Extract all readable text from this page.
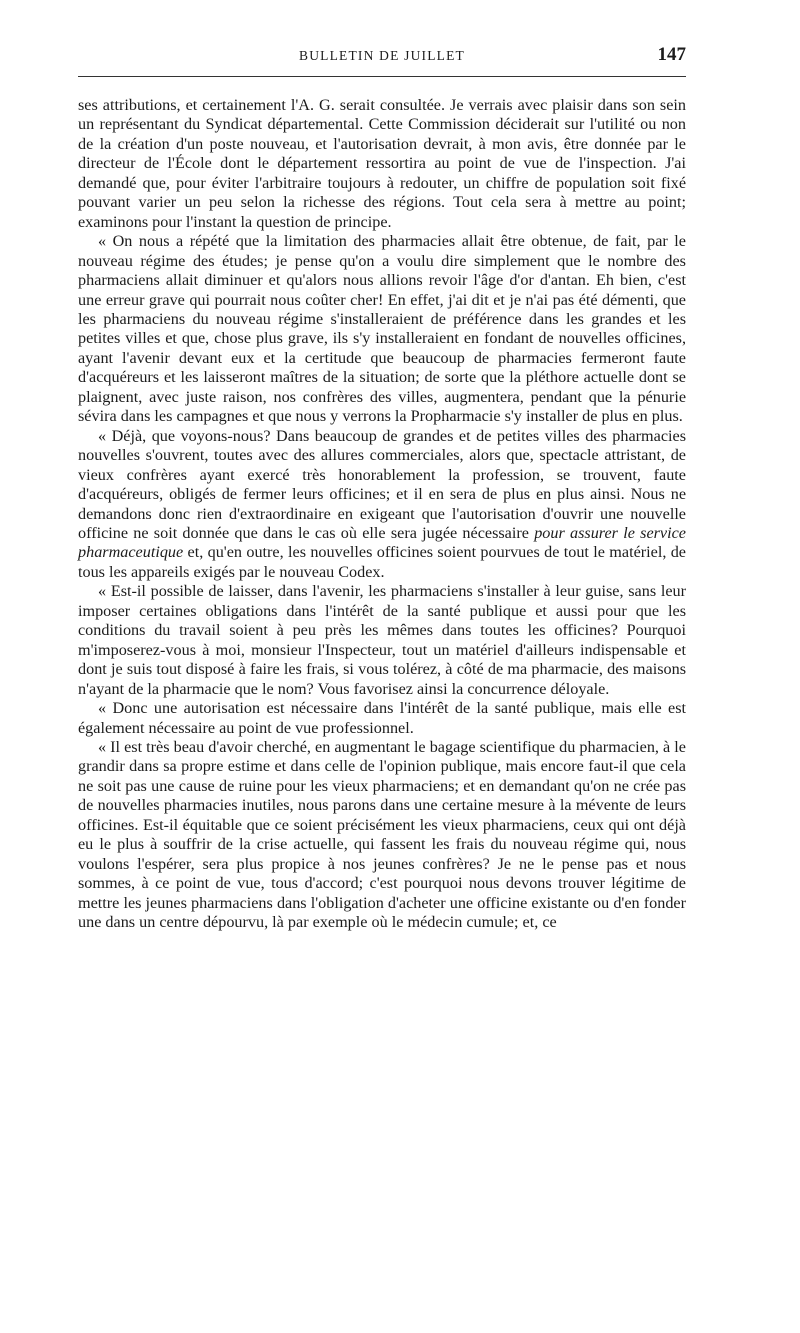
BULLETIN DE JUILLET	147

ses attributions, et certainement l'A. G. serait consultée. Je verrais avec plaisir dans son sein un représentant du Syndicat départemental. Cette Commission déciderait sur l'utilité ou non de la création d'un poste nouveau, et l'autorisation devrait, à mon avis, être donnée par le directeur de l'École dont le département ressortira au point de vue de l'inspection. J'ai demandé que, pour éviter l'arbitraire toujours à redouter, un chiffre de population soit fixé pouvant varier un peu selon la richesse des régions. Tout cela sera à mettre au point; examinons pour l'instant la question de principe.

« On nous a répété que la limitation des pharmacies allait être obtenue, de fait, par le nouveau régime des études; je pense qu'on a voulu dire simplement que le nombre des pharmaciens allait diminuer et qu'alors nous allions revoir l'âge d'or d'antan. Eh bien, c'est une erreur grave qui pourrait nous coûter cher! En effet, j'ai dit et je n'ai pas été démenti, que les pharmaciens du nouveau régime s'installeraient de préférence dans les grandes et les petites villes et que, chose plus grave, ils s'y installeraient en fondant de nouvelles officines, ayant l'avenir devant eux et la certitude que beaucoup de pharmacies fermeront faute d'acquéreurs et les laisseront maîtres de la situation; de sorte que la pléthore actuelle dont se plaignent, avec juste raison, nos confrères des villes, augmentera, pendant que la pénurie sévira dans les campagnes et que nous y verrons la Propharmacie s'y installer de plus en plus.

« Déjà, que voyons-nous? Dans beaucoup de grandes et de petites villes des pharmacies nouvelles s'ouvrent, toutes avec des allures commerciales, alors que, spectacle attristant, de vieux confrères ayant exercé très honorablement la profession, se trouvent, faute d'acquéreurs, obligés de fermer leurs officines; et il en sera de plus en plus ainsi. Nous ne demandons donc rien d'extraordinaire en exigeant que l'autorisation d'ouvrir une nouvelle officine ne soit donnée que dans le cas où elle sera jugée nécessaire pour assurer le service pharmaceutique et, qu'en outre, les nouvelles officines soient pourvues de tout le matériel, de tous les appareils exigés par le nouveau Codex.

« Est-il possible de laisser, dans l'avenir, les pharmaciens s'installer à leur guise, sans leur imposer certaines obligations dans l'intérêt de la santé publique et aussi pour que les conditions du travail soient à peu près les mêmes dans toutes les officines? Pourquoi m'imposerez-vous à moi, monsieur l'Inspecteur, tout un matériel d'ailleurs indispensable et dont je suis tout disposé à faire les frais, si vous tolérez, à côté de ma pharmacie, des maisons n'ayant de la pharmacie que le nom? Vous favorisez ainsi la concurrence déloyale.

« Donc une autorisation est nécessaire dans l'intérêt de la santé publique, mais elle est également nécessaire au point de vue professionnel.

« Il est très beau d'avoir cherché, en augmentant le bagage scientifique du pharmacien, à le grandir dans sa propre estime et dans celle de l'opinion publique, mais encore faut-il que cela ne soit pas une cause de ruine pour les vieux pharmaciens; et en demandant qu'on ne crée pas de nouvelles pharmacies inutiles, nous parons dans une certaine mesure à la mévente de leurs officines. Est-il équitable que ce soient précisément les vieux pharmaciens, ceux qui ont déjà eu le plus à souffrir de la crise actuelle, qui fassent les frais du nouveau régime qui, nous voulons l'espérer, sera plus propice à nos jeunes confrères? Je ne le pense pas et nous sommes, à ce point de vue, tous d'accord; c'est pourquoi nous devons trouver légitime de mettre les jeunes pharmaciens dans l'obligation d'acheter une officine existante ou d'en fonder une dans un centre dépourvu, là par exemple où le médecin cumule; et, ce
